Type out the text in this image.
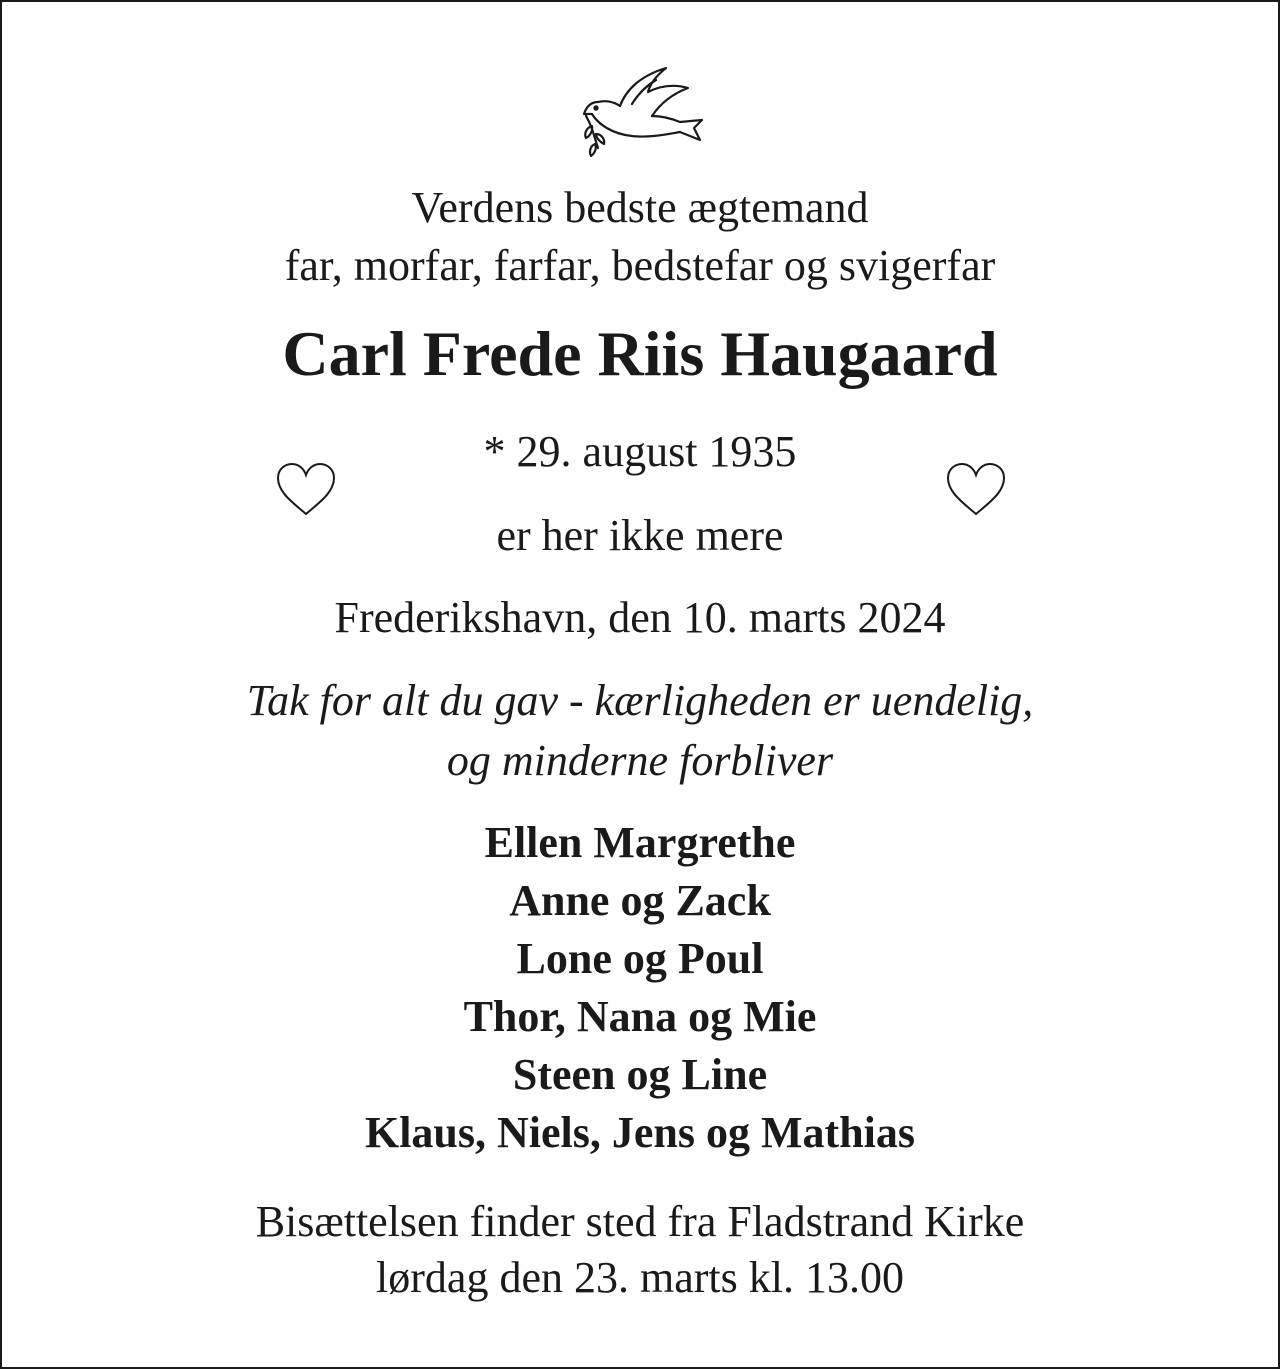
Verdens bedste ægtemand
far, morfar, farfar, bedstefar og svigerfar
Carl Frede Riis Haugaard
* 29. august 1935
er her ikke mere
Frederikshavn, den 10. marts 2024
Tak for alt du gav - kærligheden er uendelig,
og minderne forbliver
Ellen Margrethe
Anne og Zack
Lone og Poul
Thor, Nana og Mie
Steen og Line
Klaus, Niels, Jens og Mathias
Bisættelsen finder sted fra Fladstrand Kirke
lørdag den 23. marts kl. 13.00
